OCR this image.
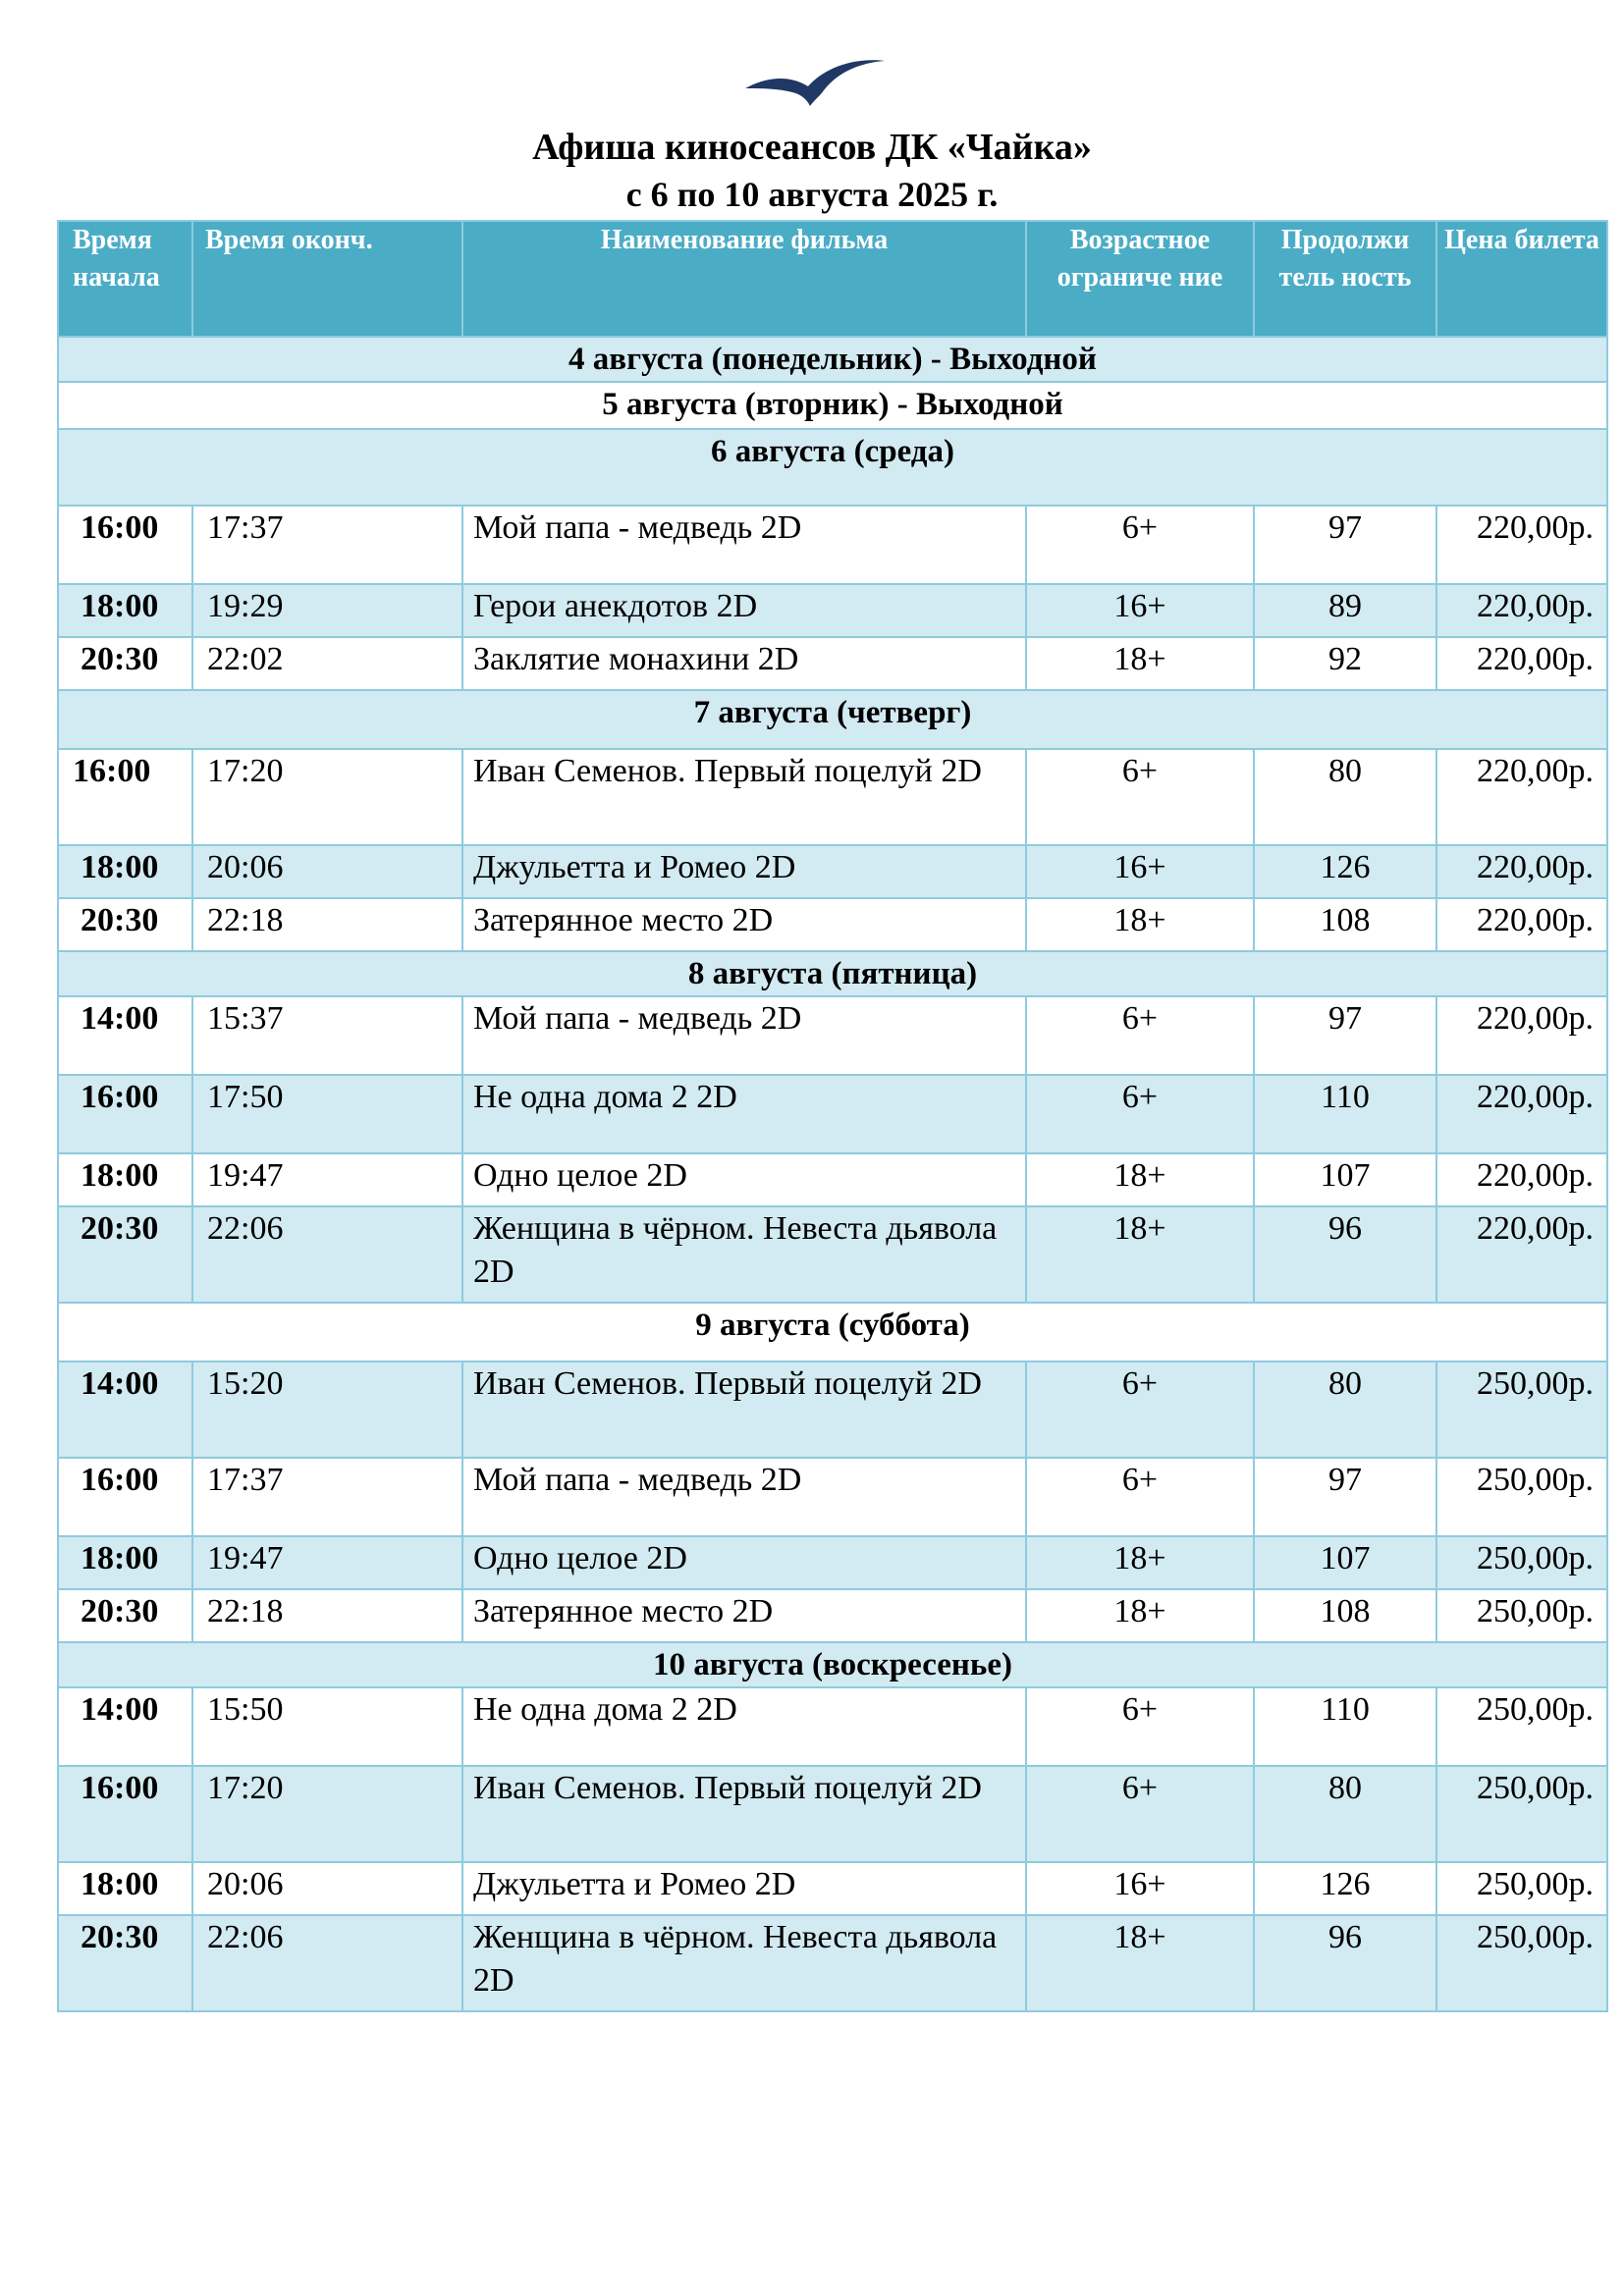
Афиша киносеансов ДК «Чайка»
с 6 по 10 августа 2025 г.
Время начала	Время оконч.	Наименование фильма	Возрастное ограниче ние	Продолжи тель ность	Цена билета
4 августа (понедельник) - Выходной					
5 августа (вторник) - Выходной					
6 августа (среда)					
16:00	17:37		Мой папа - медведь 2D	6+	97	220,00р.
18:00	19:29		Герои анекдотов 2D	16+	89	220,00р.
20:30	22:02		Заклятие монахини 2D	18+	92	220,00р.
7 августа (четверг)					
16:00	17:20		Иван Семенов. Первый поцелуй 2D	6+	80	220,00р.
18:00	20:06		Джульетта и Ромео 2D	16+	126	220,00р.
20:30	22:18		Затерянное место 2D	18+	108	220,00р.
8 августа (пятница)					
14:00	15:37		Мой папа - медведь 2D	6+	97	220,00р.
16:00	17:50		Не одна дома 2 2D	6+	110	220,00р.
18:00	19:47		Одно целое 2D	18+	107	220,00р.
20:30	22:06		Женщина в чёрном. Невеста дьявола 2D	18+	96	220,00р.
9 августа (суббота)					
14:00	15:20		Иван Семенов. Первый поцелуй 2D	6+	80	250,00р.
16:00	17:37		Мой папа - медведь 2D	6+	97	250,00р.
18:00	19:47		Одно целое 2D	18+	107	250,00р.
20:30	22:18		Затерянное место 2D	18+	108	250,00р.
10 августа (воскресенье)					
14:00	15:50		Не одна дома 2 2D	6+	110	250,00р.
16:00	17:20		Иван Семенов. Первый поцелуй 2D	6+	80	250,00р.
18:00	20:06		Джульетта и Ромео 2D	16+	126	250,00р.
20:30	22:06		Женщина в чёрном. Невеста дьявола 2D	18+	96	250,00р.
